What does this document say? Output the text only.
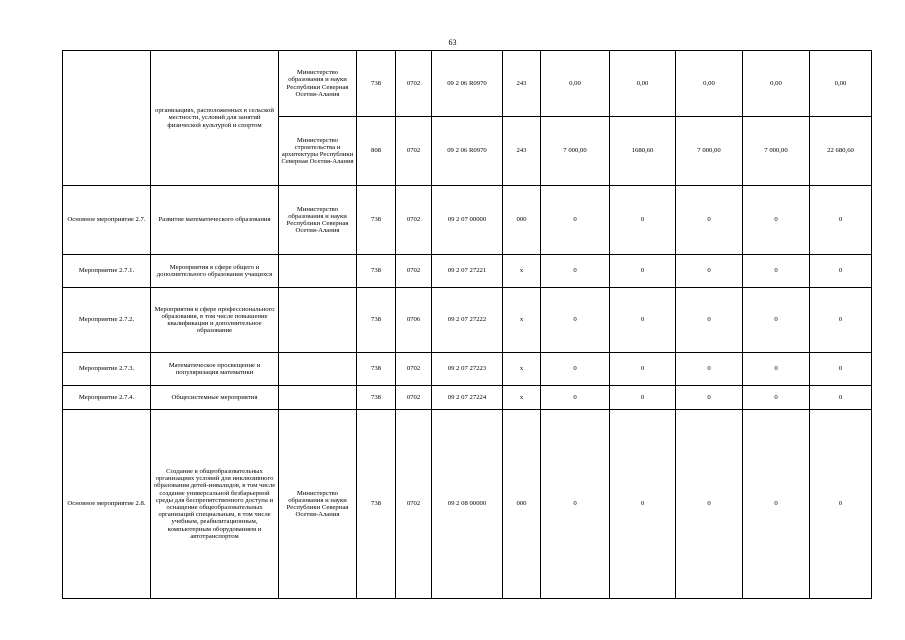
63
	организациях, расположенных в сельской местности, условий для занятий физической культурой и спортом	Министерство образования и науки Республики Северная Осетия-Алания	738	0702	09 2 06 R0970	243	0,00	0,00	0,00	0,00	0,00
		Министерство строительства и архитектуры Республики Северная Осетия-Алания	808	0702	09 2 06 R0970	243	7 000,00	1680,60	7 000,00	7 000,00	22 680,60
Основное мероприятие 2.7.	Развитие математического образования	Министерство образования и науки Республики Северная Осетия-Алания	738	0702	09 2 07 00000	000	0	0	0	0	0
Мероприятие 2.7.1.	Мероприятия в сфере общего и дополнительного образования учащихся		738	0702	09 2 07 27221	х	0	0	0	0	0
Мероприятие 2.7.2.	Мероприятия в сфере профессионального образования, в том числе повышение квалификации и дополнительное образование		738	0706	09 2 07 27222	х	0	0	0	0	0
Мероприятие 2.7.3.	Математическое просвещение и популяризация математики		738	0702	09 2 07 27223	х	0	0	0	0	0
Мероприятие 2.7.4.	Общесистемные мероприятия		738	0702	09 2 07 27224	х	0	0	0	0	0
Основное мероприятие 2.8.	Создание в общеобразовательных организациях условий для инклюзивного образования детей-инвалидов, в том числе создание универсальной безбарьерной среды для беспрепятственного доступа и оснащение общеобразовательных организаций специальным, в том числе учебным, реабилитационным, компьютерным оборудованием и автотранспортом	Министерство образования и науки Республики Северная Осетия-Алания	738	0702	09 2 08 00000	000	0	0	0	0	0
